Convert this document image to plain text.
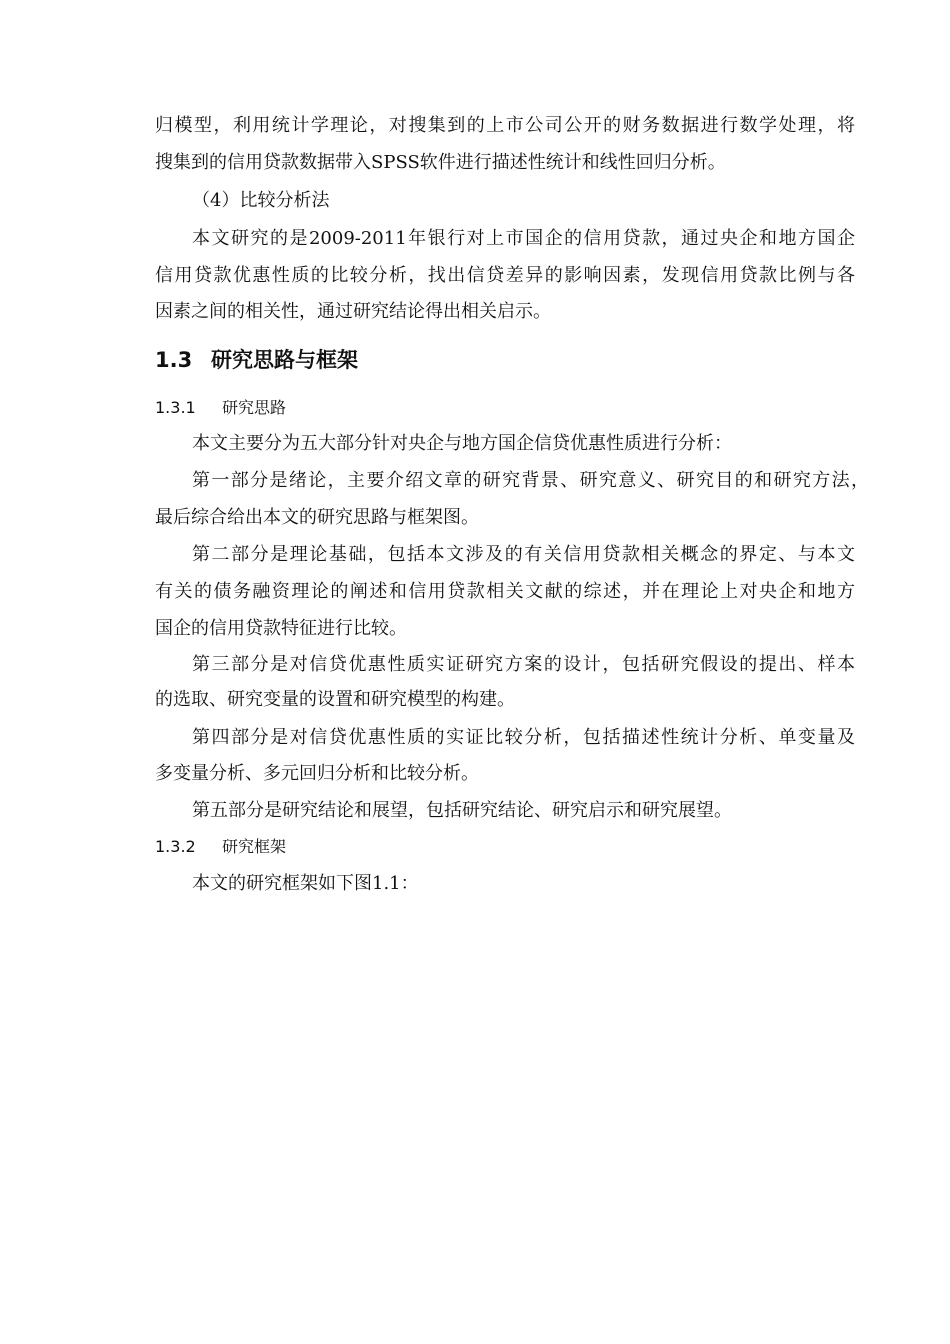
归模型，利用统计学理论，对搜集到的上市公司公开的财务数据进行数学处理，将
搜集到的信用贷款数据带入SPSS软件进行描述性统计和线性回归分析。
（4）比较分析法
本文研究的是2009-2011年银行对上市国企的信用贷款，通过央企和地方国企
信用贷款优惠性质的比较分析，找出信贷差异的影响因素，发现信用贷款比例与各
因素之间的相关性，通过研究结论得出相关启示。
1.3 研究思路与框架
1.3.1 研究思路
本文主要分为五大部分针对央企与地方国企信贷优惠性质进行分析：
第一部分是绪论，主要介绍文章的研究背景、研究意义、研究目的和研究方法，
最后综合给出本文的研究思路与框架图。
第二部分是理论基础，包括本文涉及的有关信用贷款相关概念的界定、与本文
有关的债务融资理论的阐述和信用贷款相关文献的综述，并在理论上对央企和地方
国企的信用贷款特征进行比较。
第三部分是对信贷优惠性质实证研究方案的设计，包括研究假设的提出、样本
的选取、研究变量的设置和研究模型的构建。
第四部分是对信贷优惠性质的实证比较分析，包括描述性统计分析、单变量及
多变量分析、多元回归分析和比较分析。
第五部分是研究结论和展望，包括研究结论、研究启示和研究展望。
1.3.2 研究框架
本文的研究框架如下图1.1：
